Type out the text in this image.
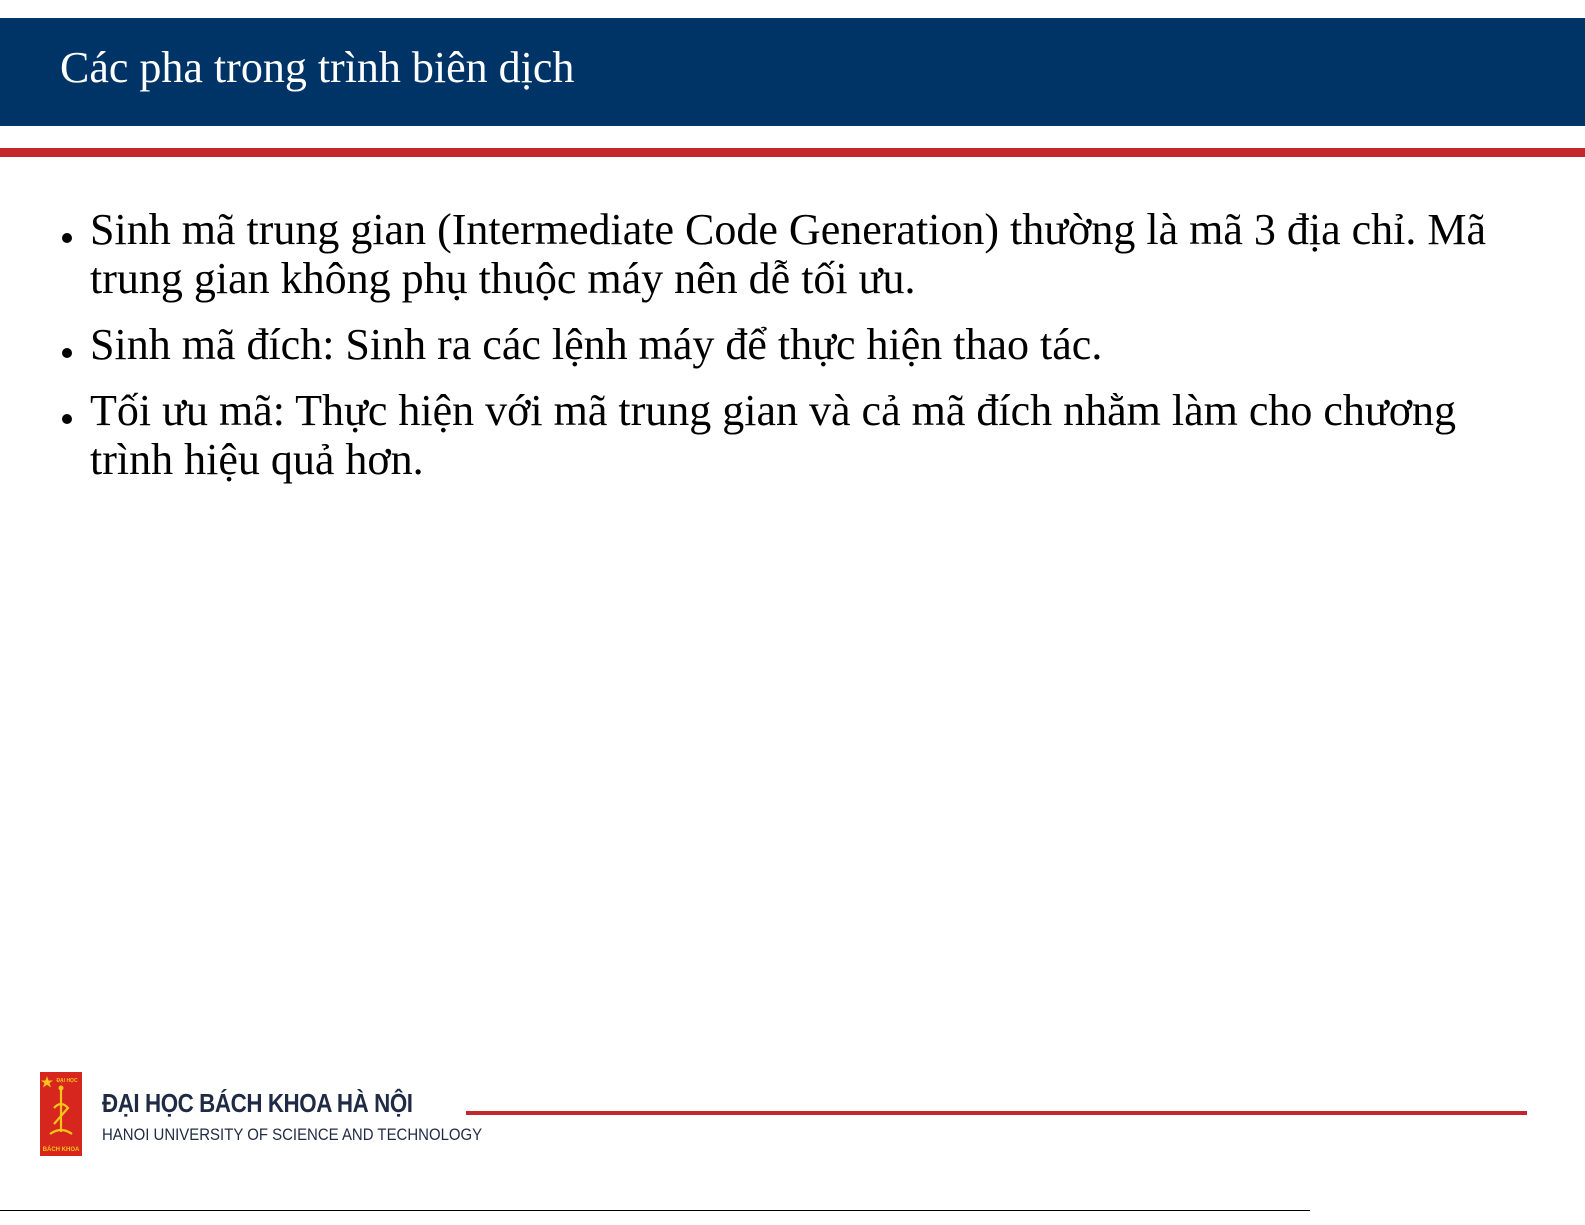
Các pha trong trình biên dịch
Sinh mã trung gian (Intermediate Code Generation) thường là mã 3 địa chỉ. Mã trung gian không phụ thuộc máy nên dễ tối ưu.
Sinh mã đích: Sinh ra các lệnh máy để thực hiện thao tác.
Tối ưu mã: Thực hiện với mã trung gian và cả mã đích nhằm làm cho chương trình hiệu quả hơn.
ĐẠI HỌC
BÁCH KHOA
ĐẠI HỌC BÁCH KHOA HÀ NỘI
HANOI UNIVERSITY OF SCIENCE AND TECHNOLOGY
